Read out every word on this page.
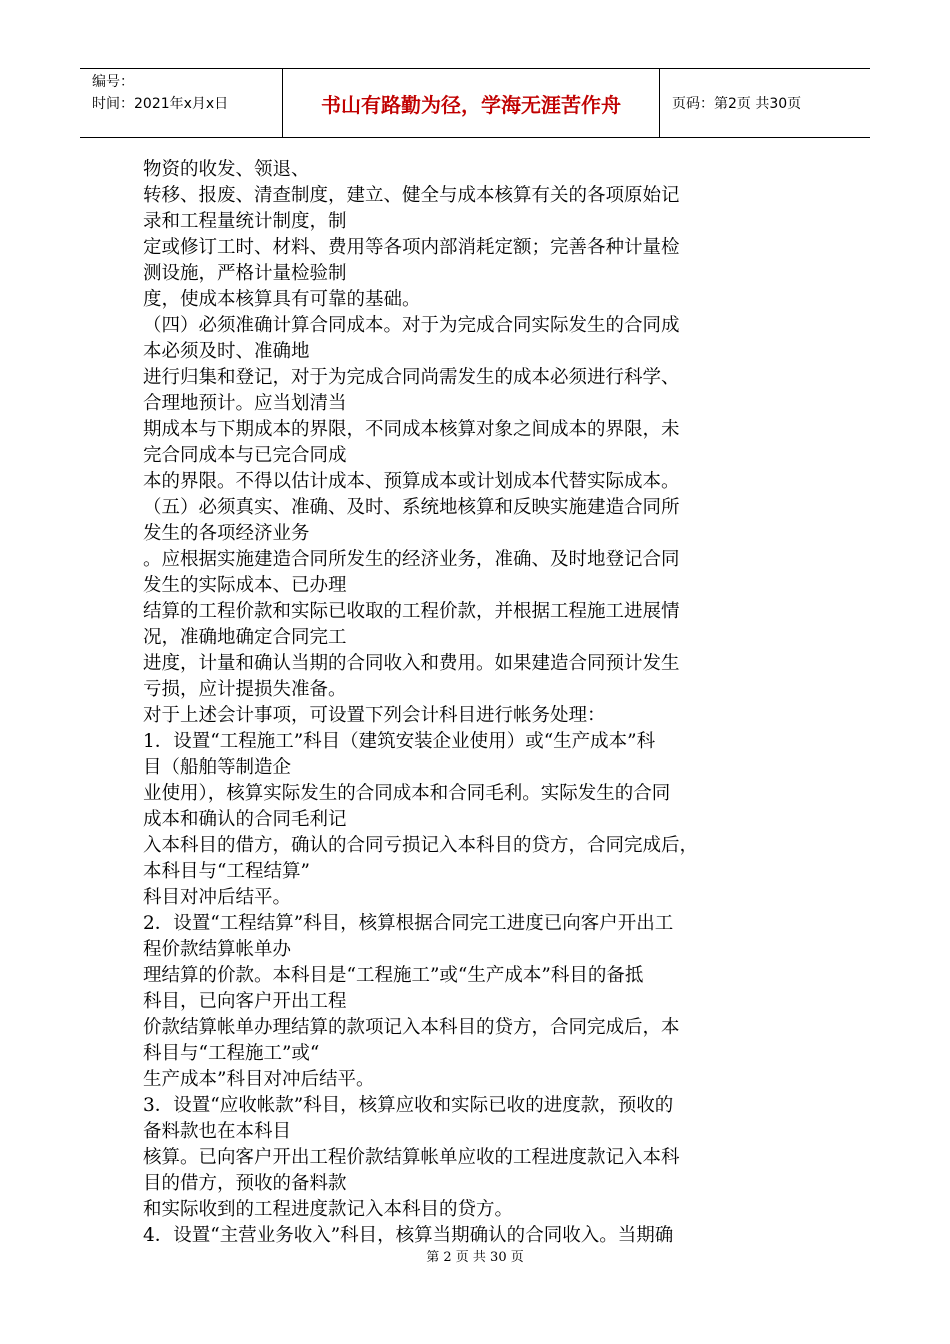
编号：
时间：2021年x月x日	书山有路勤为径，学海无涯苦作舟	页码：第2页 共30页
物资的收发、领退、
转移、报废、清查制度，建立、健全与成本核算有关的各项原始记
录和工程量统计制度，制
定或修订工时、材料、费用等各项内部消耗定额；完善各种计量检
测设施，严格计量检验制
度，使成本核算具有可靠的基础。
（四）必须准确计算合同成本。对于为完成合同实际发生的合同成
本必须及时、准确地
进行归集和登记，对于为完成合同尚需发生的成本必须进行科学、
合理地预计。应当划清当
期成本与下期成本的界限，不同成本核算对象之间成本的界限，未
完合同成本与已完合同成
本的界限。不得以估计成本、预算成本或计划成本代替实际成本。
（五）必须真实、准确、及时、系统地核算和反映实施建造合同所
发生的各项经济业务
。应根据实施建造合同所发生的经济业务，准确、及时地登记合同
发生的实际成本、已办理
结算的工程价款和实际已收取的工程价款，并根据工程施工进展情
况，准确地确定合同完工
进度，计量和确认当期的合同收入和费用。如果建造合同预计发生
亏损，应计提损失准备。
对于上述会计事项，可设置下列会计科目进行帐务处理：
1．设置“工程施工”科目（建筑安装企业使用）或“生产成本”科
目（船舶等制造企
业使用），核算实际发生的合同成本和合同毛利。实际发生的合同
成本和确认的合同毛利记
入本科目的借方，确认的合同亏损记入本科目的贷方，合同完成后，
本科目与“工程结算”
科目对冲后结平。
2．设置“工程结算”科目，核算根据合同完工进度已向客户开出工
程价款结算帐单办
理结算的价款。本科目是“工程施工”或“生产成本”科目的备抵
科目，已向客户开出工程
价款结算帐单办理结算的款项记入本科目的贷方，合同完成后，本
科目与“工程施工”或“
生产成本”科目对冲后结平。
3．设置“应收帐款”科目，核算应收和实际已收的进度款，预收的
备料款也在本科目
核算。已向客户开出工程价款结算帐单应收的工程进度款记入本科
目的借方，预收的备料款
和实际收到的工程进度款记入本科目的贷方。
4．设置“主营业务收入”科目，核算当期确认的合同收入。当期确
第 2 页 共 30 页
